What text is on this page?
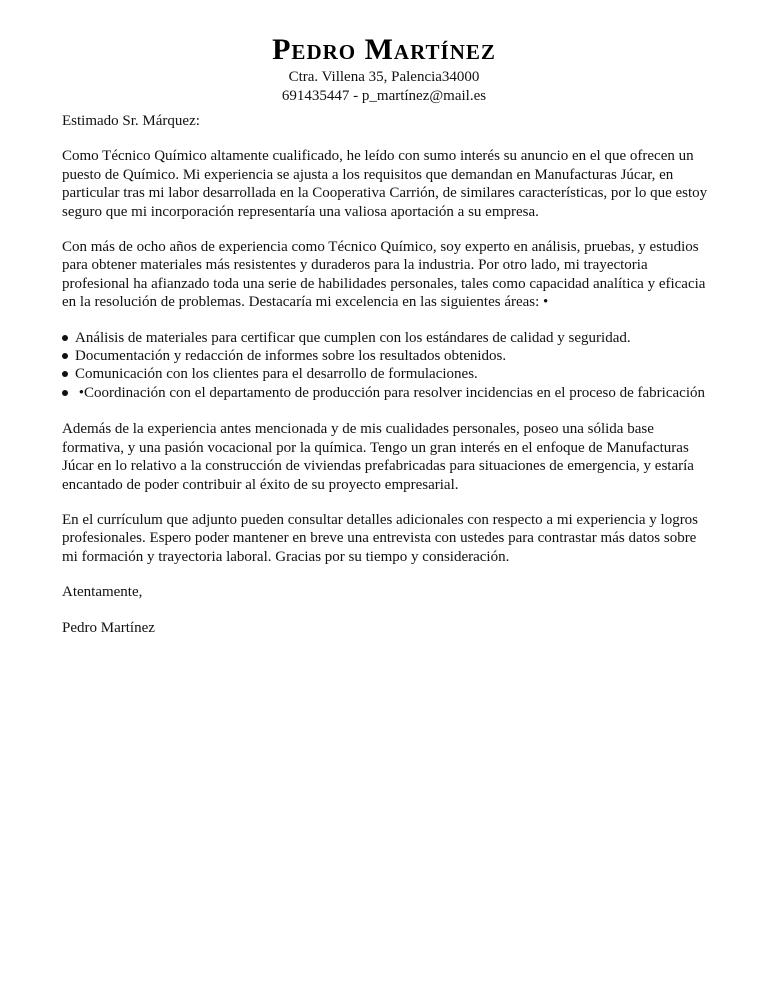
Pedro Martínez
Ctra. Villena 35, Palencia34000
691435447 - p_martínez@mail.es

Estimado Sr. Márquez:

Como Técnico Químico altamente cualificado, he leído con sumo interés su anuncio en el que ofrecen un puesto de Químico. Mi experiencia se ajusta a los requisitos que demandan en Manufacturas Júcar, en particular tras mi labor desarrollada en la Cooperativa Carrión, de similares características, por lo que estoy seguro que mi incorporación representaría una valiosa aportación a su empresa.

Con más de ocho años de experiencia como Técnico Químico, soy experto en análisis, pruebas, y estudios para obtener materiales más resistentes y duraderos para la industria. Por otro lado, mi trayectoria profesional ha afianzado toda una serie de habilidades personales, tales como capacidad analítica y eficacia en la resolución de problemas. Destacaría mi excelencia en las siguientes áreas: •

Análisis de materiales para certificar que cumplen con los estándares de calidad y seguridad.
Documentación y redacción de informes sobre los resultados obtenidos.
Comunicación con los clientes para el desarrollo de formulaciones.
•Coordinación con el departamento de producción para resolver incidencias en el proceso de fabricación

Además de la experiencia antes mencionada y de mis cualidades personales, poseo una sólida base formativa, y una pasión vocacional por la química. Tengo un gran interés en el enfoque de Manufacturas Júcar en lo relativo a la construcción de viviendas prefabricadas para situaciones de emergencia, y estaría encantado de poder contribuir al éxito de su proyecto empresarial.

En el currículum que adjunto pueden consultar detalles adicionales con respecto a mi experiencia y logros profesionales. Espero poder mantener en breve una entrevista con ustedes para contrastar más datos sobre mi formación y trayectoria laboral. Gracias por su tiempo y consideración.

Atentamente,

Pedro Martínez
